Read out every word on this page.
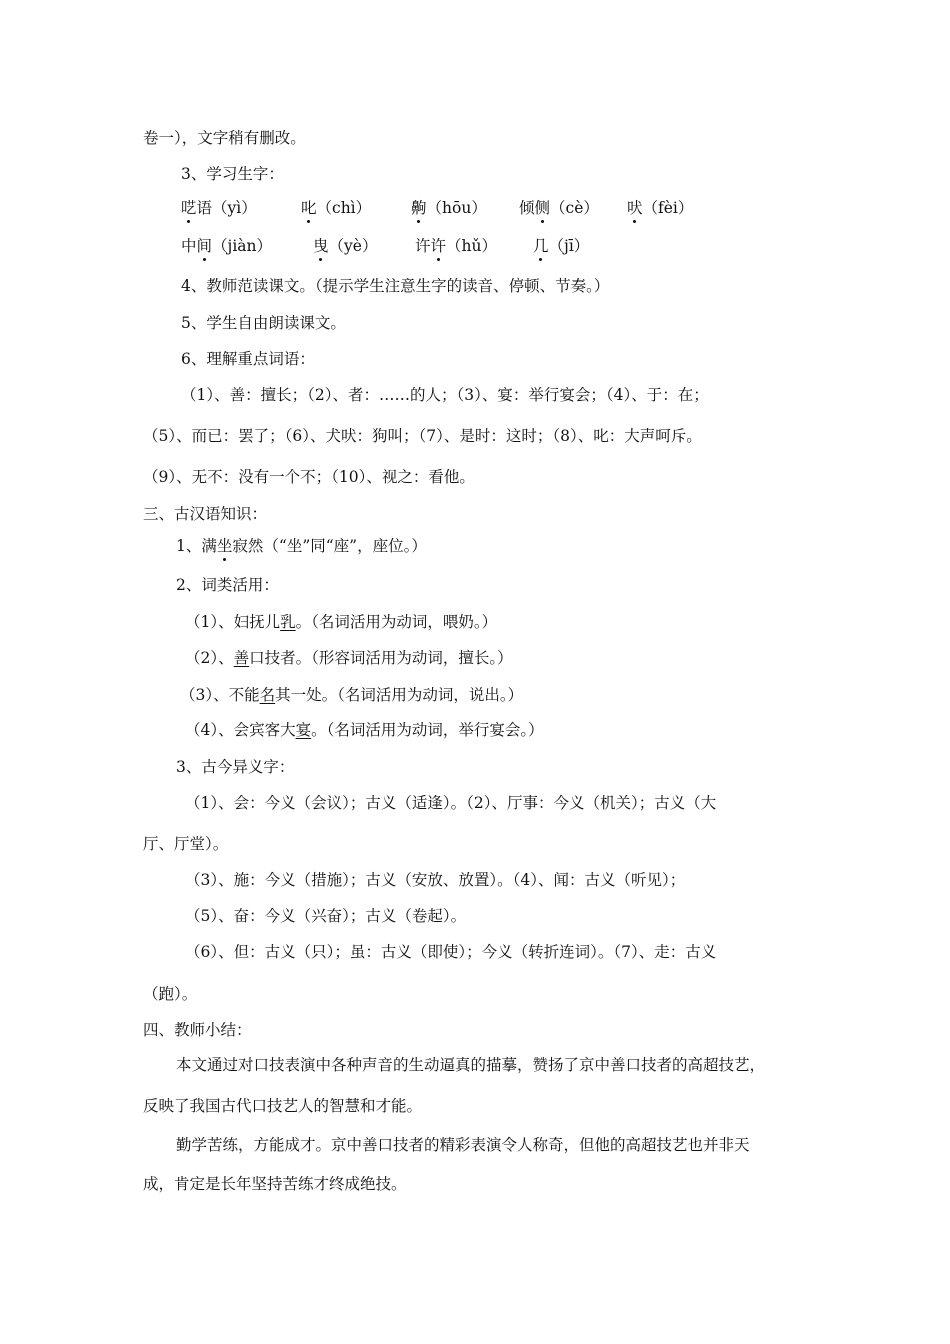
卷一），文字稍有删改。
3、学习生字：
呓语（yì）	叱（chì）	齁（hōu） 倾侧（cè） 吠（fèi）
中间（jiàn）	曳（yè） 许许（hǔ） 几（jī）
4、教师范读课文。（提示学生注意生字的读音、停顿、节奏。）
5、学生自由朗读课文。
6、理解重点词语：
（1）、善：擅长；（2）、者：……的人；（3）、宴：举行宴会；（4）、于：在；
（5）、而已：罢了；（6）、犬吠：狗叫；（7）、是时：这时；（8）、叱：大声呵斥。
（9）、无不：没有一个不；（10）、视之：看他。
三、古汉语知识：
1、满坐寂然（“坐”同“座”，座位。）
2、词类活用：
（1）、妇抚儿乳。（名词活用为动词，喂奶。）
（2）、善口技者。（形容词活用为动词，擅长。）
（3）、不能名其一处。（名词活用为动词，说出。）
（4）、会宾客大宴。（名词活用为动词，举行宴会。）
3、古今异义字：
（1）、会：今义（会议）；古义（适逢）。（2）、厅事：今义（机关）；古义（大
厅、厅堂）。
（3）、施：今义（措施）；古义（安放、放置）。（4）、闻：古义（听见）；
（5）、奋：今义（兴奋）；古义（卷起）。
（6）、但：古义（只）；虽：古义（即使）；今义（转折连词）。（7）、走：古义
（跑）。
四、教师小结：
本文通过对口技表演中各种声音的生动逼真的描摹，赞扬了京中善口技者的高超技艺，
反映了我国古代口技艺人的智慧和才能。
勤学苦练，方能成才。京中善口技者的精彩表演令人称奇，但他的高超技艺也并非天
成，肯定是长年坚持苦练才终成绝技。
